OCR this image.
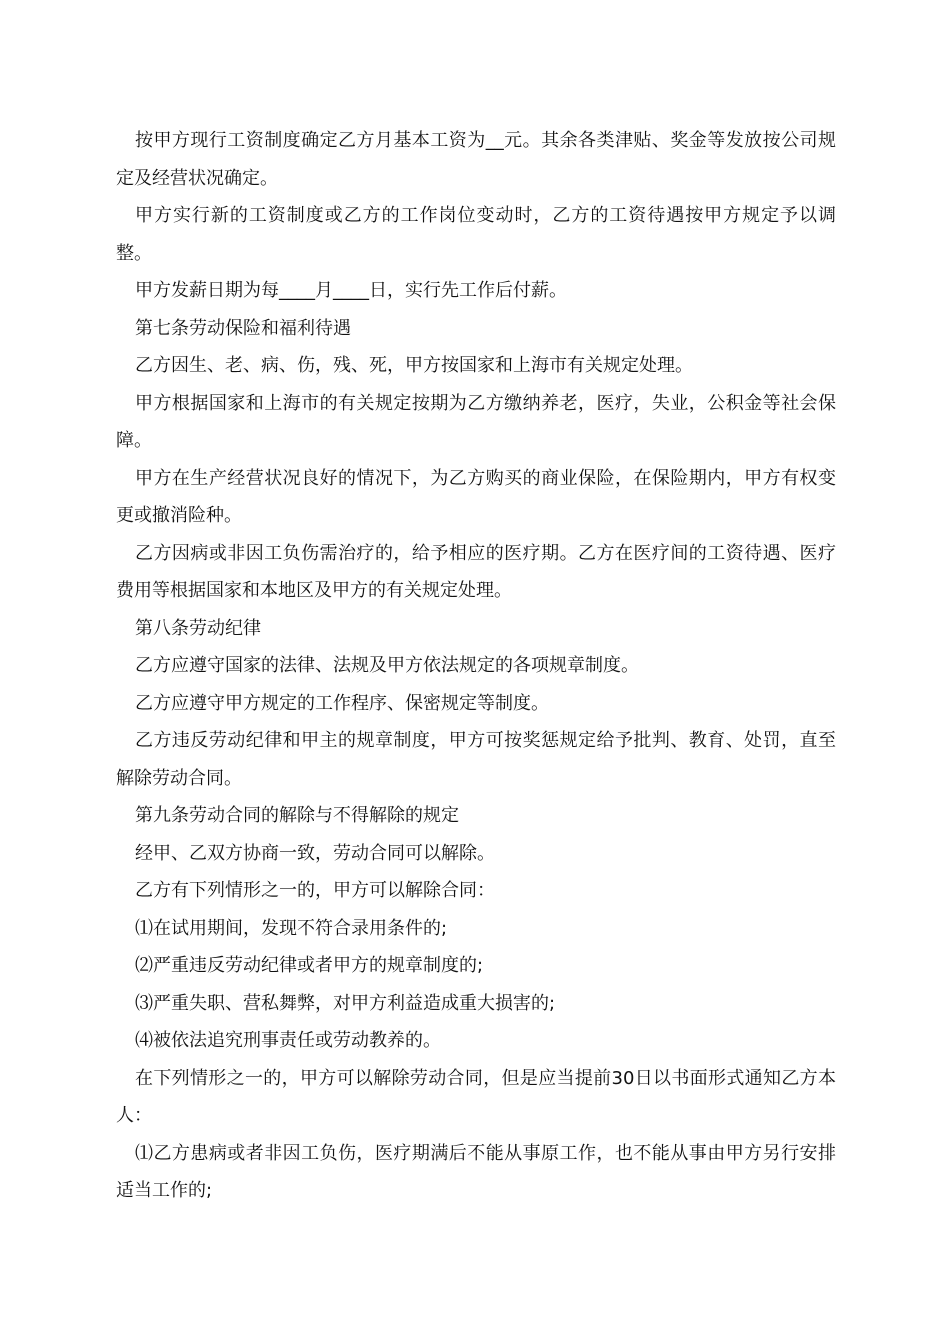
按甲方现行工资制度确定乙方月基本工资为__元。其余各类津贴、奖金等发放按公司规定及经营状况确定。

甲方实行新的工资制度或乙方的工作岗位变动时，乙方的工资待遇按甲方规定予以调整。

甲方发薪日期为每____月____日，实行先工作后付薪。

第七条劳动保险和福利待遇

乙方因生、老、病、伤，残、死，甲方按国家和上海市有关规定处理。

甲方根据国家和上海市的有关规定按期为乙方缴纳养老，医疗，失业，公积金等社会保障。

甲方在生产经营状况良好的情况下，为乙方购买的商业保险，在保险期内，甲方有权变更或撤消险种。

乙方因病或非因工负伤需治疗的，给予相应的医疗期。乙方在医疗间的工资待遇、医疗费用等根据国家和本地区及甲方的有关规定处理。

第八条劳动纪律

乙方应遵守国家的法律、法规及甲方依法规定的各项规章制度。

乙方应遵守甲方规定的工作程序、保密规定等制度。

乙方违反劳动纪律和甲主的规章制度，甲方可按奖惩规定给予批判、教育、处罚，直至解除劳动合同。

第九条劳动合同的解除与不得解除的规定

经甲、乙双方协商一致，劳动合同可以解除。

乙方有下列情形之一的，甲方可以解除合同：

⑴在试用期间，发现不符合录用条件的;

⑵严重违反劳动纪律或者甲方的规章制度的;

⑶严重失职、营私舞弊，对甲方利益造成重大损害的;

⑷被依法追究刑事责任或劳动教养的。

在下列情形之一的，甲方可以解除劳动合同，但是应当提前30日以书面形式通知乙方本人：

⑴乙方患病或者非因工负伤，医疗期满后不能从事原工作，也不能从事由甲方另行安排适当工作的;
